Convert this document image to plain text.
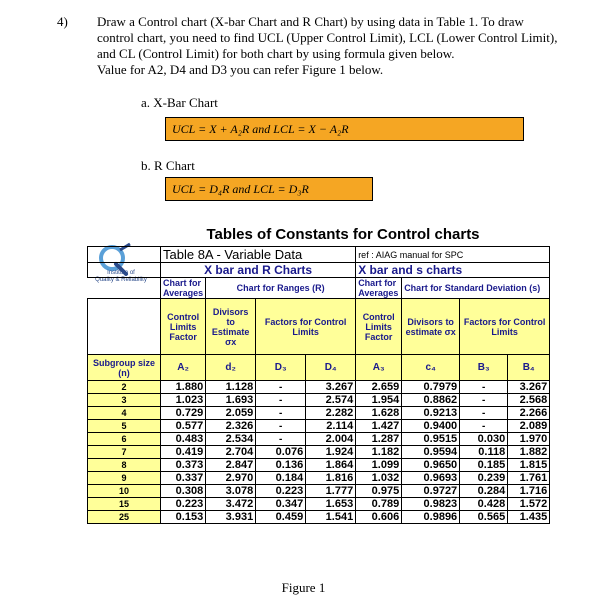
4) Draw a Control chart (X-bar Chart and R Chart) by using data in Table 1. To draw
control chart, you need to find UCL (Upper Control Limit), LCL (Lower Control Limit),
and CL (Control Limit) for both chart by using formula given below.
Value for A2, D4 and D3 you can refer Figure 1 below.
a. X-Bar Chart
UCL = X + A₂R and LCL = X − A₂R
b. R Chart
UCL = D₄R and LCL = D₃R
Institute of
Quality & Reliability
Tables of Constants for Control charts
	Table 8A - Variable Data				ref : AIAG manual for SPC			
	X bar and R Charts				X bar and s charts			
	Chart for Averages	Chart for Ranges (R)			Chart for Averages	Chart for Standard Deviation (s)		
	Control Limits Factor	Divisors to Estimate σx	Factors for Control Limits		Control Limits Factor	Divisors to estimate σx	Factors for Control Limits	
Subgroup size (n)	A₂	d₂	D₃	D₄	A₃	c₄	B₃	B₄
2	1.880	1.128	-	3.267	2.659	0.7979	-	3.267
3	1.023	1.693	-	2.574	1.954	0.8862	-	2.568
4	0.729	2.059	-	2.282	1.628	0.9213	-	2.266
5	0.577	2.326	-	2.114	1.427	0.9400	-	2.089
6	0.483	2.534	-	2.004	1.287	0.9515	0.030	1.970
7	0.419	2.704	0.076	1.924	1.182	0.9594	0.118	1.882
8	0.373	2.847	0.136	1.864	1.099	0.9650	0.185	1.815
9	0.337	2.970	0.184	1.816	1.032	0.9693	0.239	1.761
10	0.308	3.078	0.223	1.777	0.975	0.9727	0.284	1.716
15	0.223	3.472	0.347	1.653	0.789	0.9823	0.428	1.572
25	0.153	3.931	0.459	1.541	0.606	0.9896	0.565	1.435
Figure 1
